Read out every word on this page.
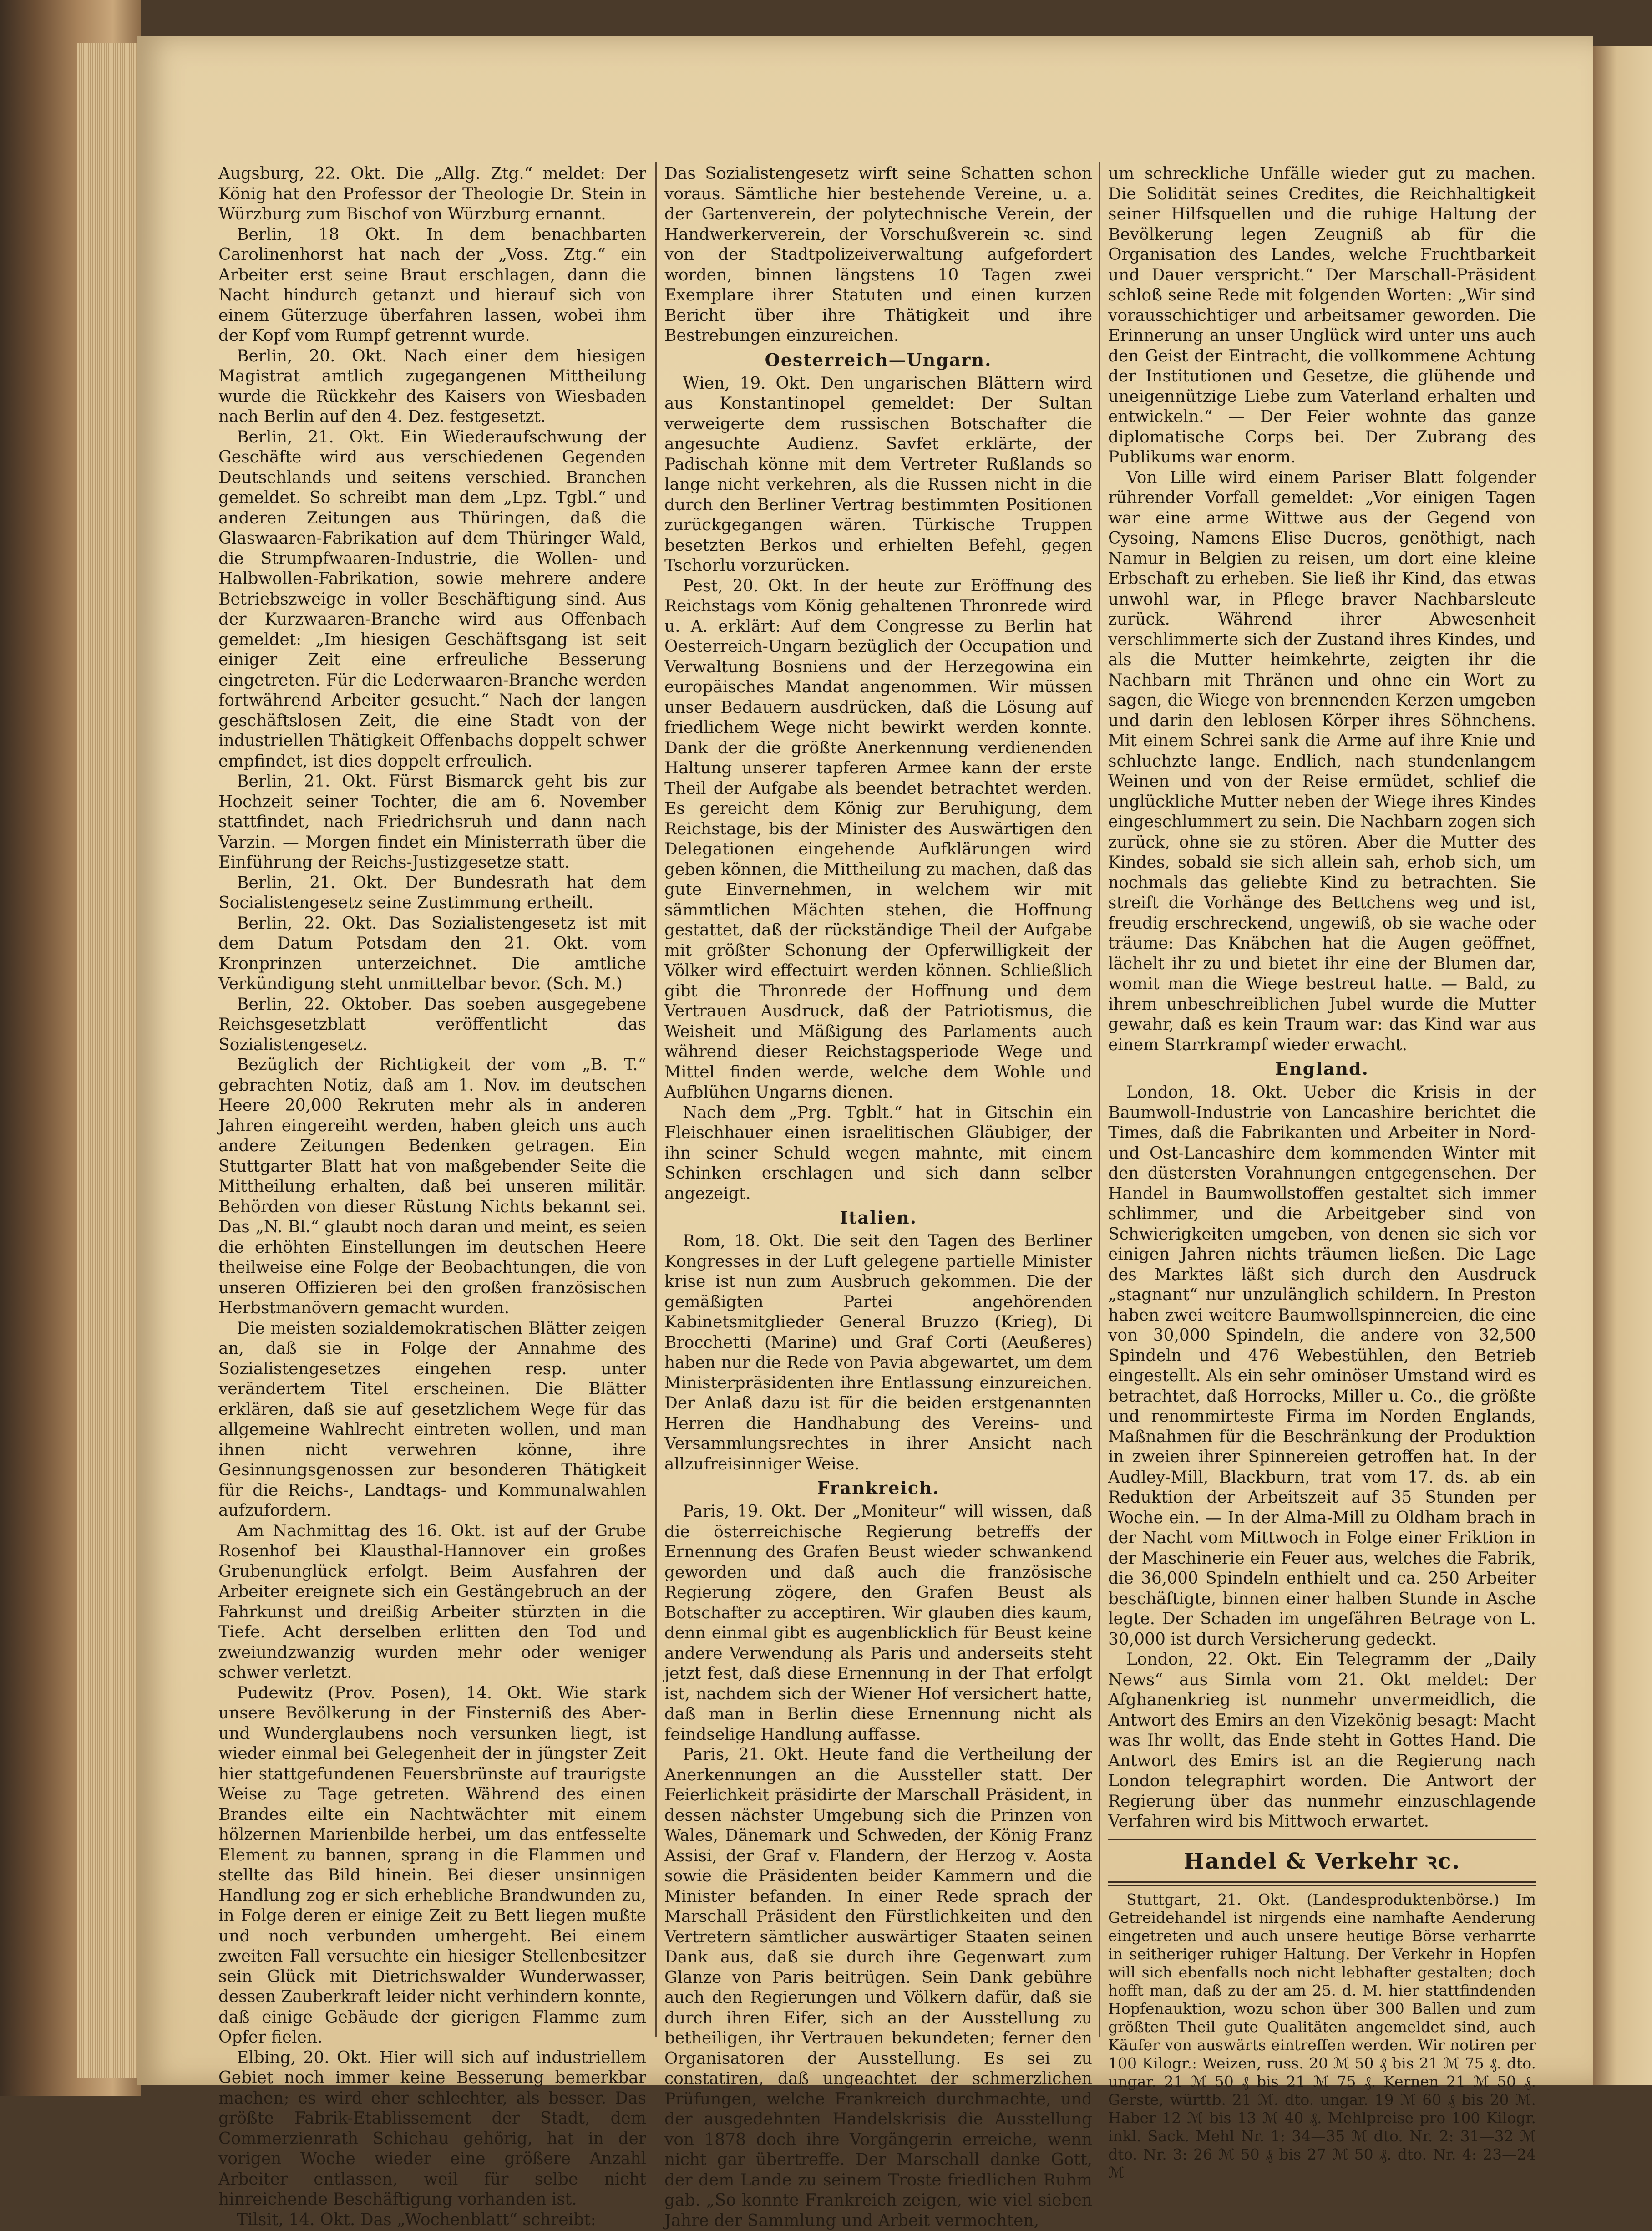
Augsburg, 22. Okt. Die „Allg. Ztg.“ meldet: Der König hat den Professor der Theologie Dr. Stein in Würzburg zum Bischof von Würzburg ernannt.

Berlin, 18 Okt. In dem benachbarten Carolinenhorst hat nach der „Voss. Ztg.“ ein Arbeiter erst seine Braut erschlagen, dann die Nacht hindurch getanzt und hierauf sich von einem Güterzuge überfahren lassen, wobei ihm der Kopf vom Rumpf getrennt wurde.

Berlin, 20. Okt. Nach einer dem hiesigen Magistrat amtlich zugegangenen Mittheilung wurde die Rückkehr des Kaisers von Wiesbaden nach Berlin auf den 4. Dez. festgesetzt.

Berlin, 21. Okt. Ein Wiederaufschwung der Geschäfte wird aus verschiedenen Gegenden Deutschlands und seitens verschied. Branchen gemeldet. So schreibt man dem „Lpz. Tgbl.“ und anderen Zeitungen aus Thüringen, daß die Glaswaaren-Fabrikation auf dem Thüringer Wald, die Strumpfwaaren-Industrie, die Wollen- und Halbwollen-Fabrikation, sowie mehrere andere Betriebszweige in voller Beschäftigung sind. Aus der Kurzwaaren-Branche wird aus Offenbach gemeldet: „Im hiesigen Geschäftsgang ist seit einiger Zeit eine erfreuliche Besserung eingetreten. Für die Lederwaaren-Branche werden fortwährend Arbeiter gesucht.“ Nach der langen geschäftslosen Zeit, die eine Stadt von der industriellen Thätigkeit Offenbachs doppelt schwer empfindet, ist dies doppelt erfreulich.

Berlin, 21. Okt. Fürst Bismarck geht bis zur Hochzeit seiner Tochter, die am 6. November stattfindet, nach Friedrichsruh und dann nach Varzin. — Morgen findet ein Ministerrath über die Einführung der Reichs-Justizgesetze statt.

Berlin, 21. Okt. Der Bundesrath hat dem Socialistengesetz seine Zustimmung ertheilt.

Berlin, 22. Okt. Das Sozialistengesetz ist mit dem Datum Potsdam den 21. Okt. vom Kronprinzen unterzeichnet. Die amtliche Verkündigung steht unmittelbar bevor. (Sch. M.)

Berlin, 22. Oktober. Das soeben ausgegebene Reichsgesetzblatt veröffentlicht das Sozialistengesetz.

Bezüglich der Richtigkeit der vom „B. T.“ gebrachten Notiz, daß am 1. Nov. im deutschen Heere 20,000 Rekruten mehr als in anderen Jahren eingereiht werden, haben gleich uns auch andere Zeitungen Bedenken getragen. Ein Stuttgarter Blatt hat von maßgebender Seite die Mittheilung erhalten, daß bei unseren militär. Behörden von dieser Rüstung Nichts bekannt sei. Das „N. Bl.“ glaubt noch daran und meint, es seien die erhöhten Einstellungen im deutschen Heere theilweise eine Folge der Beobachtungen, die von unseren Offizieren bei den großen französischen Herbstmanövern gemacht wurden.

Die meisten sozialdemokratischen Blätter zeigen an, daß sie in Folge der Annahme des Sozialistengesetzes eingehen resp. unter verändertem Titel erscheinen. Die Blätter erklären, daß sie auf gesetzlichem Wege für das allgemeine Wahlrecht eintreten wollen, und man ihnen nicht verwehren könne, ihre Gesinnungsgenossen zur besonderen Thätigkeit für die Reichs-, Landtags- und Kommunalwahlen aufzufordern.

Am Nachmittag des 16. Okt. ist auf der Grube Rosenhof bei Klausthal-Hannover ein großes Grubenunglück erfolgt. Beim Ausfahren der Arbeiter ereignete sich ein Gestängebruch an der Fahrkunst und dreißig Arbeiter stürzten in die Tiefe. Acht derselben erlitten den Tod und zweiundzwanzig wurden mehr oder weniger schwer verletzt.

Pudewitz (Prov. Posen), 14. Okt. Wie stark unsere Bevölkerung in der Finsterniß des Aber- und Wunderglaubens noch versunken liegt, ist wieder einmal bei Gelegenheit der in jüngster Zeit hier stattgefundenen Feuersbrünste auf traurigste Weise zu Tage getreten. Während des einen Brandes eilte ein Nachtwächter mit einem hölzernen Marienbilde herbei, um das entfesselte Element zu bannen, sprang in die Flammen und stellte das Bild hinein. Bei dieser unsinnigen Handlung zog er sich erhebliche Brandwunden zu, in Folge deren er einige Zeit zu Bett liegen mußte und noch verbunden umhergeht. Bei einem zweiten Fall versuchte ein hiesiger Stellenbesitzer sein Glück mit Dietrichswalder Wunderwasser, dessen Zauberkraft leider nicht verhindern konnte, daß einige Gebäude der gierigen Flamme zum Opfer fielen.

Elbing, 20. Okt. Hier will sich auf industriellem Gebiet noch immer keine Besserung bemerkbar machen; es wird eher schlechter, als besser. Das größte Fabrik-Etablissement der Stadt, dem Commerzienrath Schichau gehörig, hat in der vorigen Woche wieder eine größere Anzahl Arbeiter entlassen, weil für selbe nicht hinreichende Beschäftigung vorhanden ist.

Tilsit, 14. Okt. Das „Wochenblatt“ schreibt:

Das Sozialistengesetz wirft seine Schatten schon voraus. Sämtliche hier bestehende Vereine, u. a. der Gartenverein, der polytechnische Verein, der Handwerkerverein, der Vorschußverein ꝛc. sind von der Stadtpolizeiverwaltung aufgefordert worden, binnen längstens 10 Tagen zwei Exemplare ihrer Statuten und einen kurzen Bericht über ihre Thätigkeit und ihre Bestrebungen einzureichen.

Oesterreich—Ungarn.

Wien, 19. Okt. Den ungarischen Blättern wird aus Konstantinopel gemeldet: Der Sultan verweigerte dem russischen Botschafter die angesuchte Audienz. Savfet erklärte, der Padischah könne mit dem Vertreter Rußlands so lange nicht verkehren, als die Russen nicht in die durch den Berliner Vertrag bestimmten Positionen zurückgegangen wären. Türkische Truppen besetzten Berkos und erhielten Befehl, gegen Tschorlu vorzurücken.

Pest, 20. Okt. In der heute zur Eröffnung des Reichstags vom König gehaltenen Thronrede wird u. A. erklärt: Auf dem Congresse zu Berlin hat Oesterreich-Ungarn bezüglich der Occupation und Verwaltung Bosniens und der Herzegowina ein europäisches Mandat angenommen. Wir müssen unser Bedauern ausdrücken, daß die Lösung auf friedlichem Wege nicht bewirkt werden konnte. Dank der die größte Anerkennung verdienenden Haltung unserer tapferen Armee kann der erste Theil der Aufgabe als beendet betrachtet werden. Es gereicht dem König zur Beruhigung, dem Reichstage, bis der Minister des Auswärtigen den Delegationen eingehende Aufklärungen wird geben können, die Mittheilung zu machen, daß das gute Einvernehmen, in welchem wir mit sämmtlichen Mächten stehen, die Hoffnung gestattet, daß der rückständige Theil der Aufgabe mit größter Schonung der Opferwilligkeit der Völker wird effectuirt werden können. Schließlich gibt die Thronrede der Hoffnung und dem Vertrauen Ausdruck, daß der Patriotismus, die Weisheit und Mäßigung des Parlaments auch während dieser Reichstagsperiode Wege und Mittel finden werde, welche dem Wohle und Aufblühen Ungarns dienen.

Nach dem „Prg. Tgblt.“ hat in Gitschin ein Fleischhauer einen israelitischen Gläubiger, der ihn seiner Schuld wegen mahnte, mit einem Schinken erschlagen und sich dann selber angezeigt.

Italien.

Rom, 18. Okt. Die seit den Tagen des Berliner Kongresses in der Luft gelegene partielle Minister krise ist nun zum Ausbruch gekommen. Die der gemäßigten Partei angehörenden Kabinetsmitglieder General Bruzzo (Krieg), Di Brocchetti (Marine) und Graf Corti (Aeußeres) haben nur die Rede von Pavia abgewartet, um dem Ministerpräsidenten ihre Entlassung einzureichen. Der Anlaß dazu ist für die beiden erstgenannten Herren die Handhabung des Vereins- und Versammlungsrechtes in ihrer Ansicht nach allzufreisinniger Weise.

Frankreich.

Paris, 19. Okt. Der „Moniteur“ will wissen, daß die österreichische Regierung betreffs der Ernennung des Grafen Beust wieder schwankend geworden und daß auch die französische Regierung zögere, den Grafen Beust als Botschafter zu acceptiren. Wir glauben dies kaum, denn einmal gibt es augenblicklich für Beust keine andere Verwendung als Paris und anderseits steht jetzt fest, daß diese Ernennung in der That erfolgt ist, nachdem sich der Wiener Hof versichert hatte, daß man in Berlin diese Ernennung nicht als feindselige Handlung auffasse.

Paris, 21. Okt. Heute fand die Vertheilung der Anerkennungen an die Aussteller statt. Der Feierlichkeit präsidirte der Marschall Präsident, in dessen nächster Umgebung sich die Prinzen von Wales, Dänemark und Schweden, der König Franz Assisi, der Graf v. Flandern, der Herzog v. Aosta sowie die Präsidenten beider Kammern und die Minister befanden. In einer Rede sprach der Marschall Präsident den Fürstlichkeiten und den Vertretern sämtlicher auswärtiger Staaten seinen Dank aus, daß sie durch ihre Gegenwart zum Glanze von Paris beitrügen. Sein Dank gebühre auch den Regierungen und Völkern dafür, daß sie durch ihren Eifer, sich an der Ausstellung zu betheiligen, ihr Vertrauen bekundeten; ferner den Organisatoren der Ausstellung. Es sei zu constatiren, daß ungeachtet der schmerzlichen Prüfungen, welche Frankreich durchmachte, und der ausgedehnten Handelskrisis die Ausstellung von 1878 doch ihre Vorgängerin erreiche, wenn nicht gar übertreffe. Der Marschall danke Gott, der dem Lande zu seinem Troste friedlichen Ruhm gab. „So konnte Frankreich zeigen, wie viel sieben Jahre der Sammlung und Arbeit vermochten,

um schreckliche Unfälle wieder gut zu machen. Die Solidität seines Credites, die Reichhaltigkeit seiner Hilfsquellen und die ruhige Haltung der Bevölkerung legen Zeugniß ab für die Organisation des Landes, welche Fruchtbarkeit und Dauer verspricht.“ Der Marschall-Präsident schloß seine Rede mit folgenden Worten: „Wir sind vorausschichtiger und arbeitsamer geworden. Die Erinnerung an unser Unglück wird unter uns auch den Geist der Eintracht, die vollkommene Achtung der Institutionen und Gesetze, die glühende und uneigennützige Liebe zum Vaterland erhalten und entwickeln.“ — Der Feier wohnte das ganze diplomatische Corps bei. Der Zubrang des Publikums war enorm.

Von Lille wird einem Pariser Blatt folgender rührender Vorfall gemeldet: „Vor einigen Tagen war eine arme Wittwe aus der Gegend von Cysoing, Namens Elise Ducros, genöthigt, nach Namur in Belgien zu reisen, um dort eine kleine Erbschaft zu erheben. Sie ließ ihr Kind, das etwas unwohl war, in Pflege braver Nachbarsleute zurück. Während ihrer Abwesenheit verschlimmerte sich der Zustand ihres Kindes, und als die Mutter heimkehrte, zeigten ihr die Nachbarn mit Thränen und ohne ein Wort zu sagen, die Wiege von brennenden Kerzen umgeben und darin den leblosen Körper ihres Söhnchens. Mit einem Schrei sank die Arme auf ihre Knie und schluchzte lange. Endlich, nach stundenlangem Weinen und von der Reise ermüdet, schlief die unglückliche Mutter neben der Wiege ihres Kindes eingeschlummert zu sein. Die Nachbarn zogen sich zurück, ohne sie zu stören. Aber die Mutter des Kindes, sobald sie sich allein sah, erhob sich, um nochmals das geliebte Kind zu betrachten. Sie streift die Vorhänge des Bettchens weg und ist, freudig erschreckend, ungewiß, ob sie wache oder träume: Das Knäbchen hat die Augen geöffnet, lächelt ihr zu und bietet ihr eine der Blumen dar, womit man die Wiege bestreut hatte. — Bald, zu ihrem unbeschreiblichen Jubel wurde die Mutter gewahr, daß es kein Traum war: das Kind war aus einem Starrkrampf wieder erwacht.

England.

London, 18. Okt. Ueber die Krisis in der Baumwoll-Industrie von Lancashire berichtet die Times, daß die Fabrikanten und Arbeiter in Nord- und Ost-Lancashire dem kommenden Winter mit den düstersten Vorahnungen entgegensehen. Der Handel in Baumwollstoffen gestaltet sich immer schlimmer, und die Arbeitgeber sind von Schwierigkeiten umgeben, von denen sie sich vor einigen Jahren nichts träumen ließen. Die Lage des Marktes läßt sich durch den Ausdruck „stagnant“ nur unzulänglich schildern. In Preston haben zwei weitere Baumwollspinnereien, die eine von 30,000 Spindeln, die andere von 32,500 Spindeln und 476 Webestühlen, den Betrieb eingestellt. Als ein sehr ominöser Umstand wird es betrachtet, daß Horrocks, Miller u. Co., die größte und renommirteste Firma im Norden Englands, Maßnahmen für die Beschränkung der Produktion in zweien ihrer Spinnereien getroffen hat. In der Audley-Mill, Blackburn, trat vom 17. ds. ab ein Reduktion der Arbeitszeit auf 35 Stunden per Woche ein. — In der Alma-Mill zu Oldham brach in der Nacht vom Mittwoch in Folge einer Friktion in der Maschinerie ein Feuer aus, welches die Fabrik, die 36,000 Spindeln enthielt und ca. 250 Arbeiter beschäftigte, binnen einer halben Stunde in Asche legte. Der Schaden im ungefähren Betrage von L. 30,000 ist durch Versicherung gedeckt.

London, 22. Okt. Ein Telegramm der „Daily News“ aus Simla vom 21. Okt meldet: Der Afghanenkrieg ist nunmehr unvermeidlich, die Antwort des Emirs an den Vizekönig besagt: Macht was Ihr wollt, das Ende steht in Gottes Hand. Die Antwort des Emirs ist an die Regierung nach London telegraphirt worden. Die Antwort der Regierung über das nunmehr einzuschlagende Verfahren wird bis Mittwoch erwartet.

Handel & Verkehr ꝛc.

Stuttgart, 21. Okt. (Landesproduktenbörse.) Im Getreidehandel ist nirgends eine namhafte Aenderung eingetreten und auch unsere heutige Börse verharrte in seitheriger ruhiger Haltung. Der Verkehr in Hopfen will sich ebenfalls noch nicht lebhafter gestalten; doch hofft man, daß zu der am 25. d. M. hier stattfindenden Hopfenauktion, wozu schon über 300 Ballen und zum größten Theil gute Qualitäten angemeldet sind, auch Käufer von auswärts eintreffen werden. Wir notiren per 100 Kilogr.: Weizen, russ. 20 ℳ 50 ₰ bis 21 ℳ 75 ₰. dto. ungar. 21 ℳ 50 ₰ bis 21 ℳ 75 ₰. Kernen 21 ℳ 50 ₰. Gerste, württb. 21 ℳ. dto. ungar. 19 ℳ 60 ₰ bis 20 ℳ. Haber 12 ℳ bis 13 ℳ 40 ₰. Mehlpreise pro 100 Kilogr. inkl. Sack. Mehl Nr. 1: 34—35 ℳ dto. Nr. 2: 31—32 ℳ dto. Nr. 3: 26 ℳ 50 ₰ bis 27 ℳ 50 ₰. dto. Nr. 4: 23—24 ℳ
